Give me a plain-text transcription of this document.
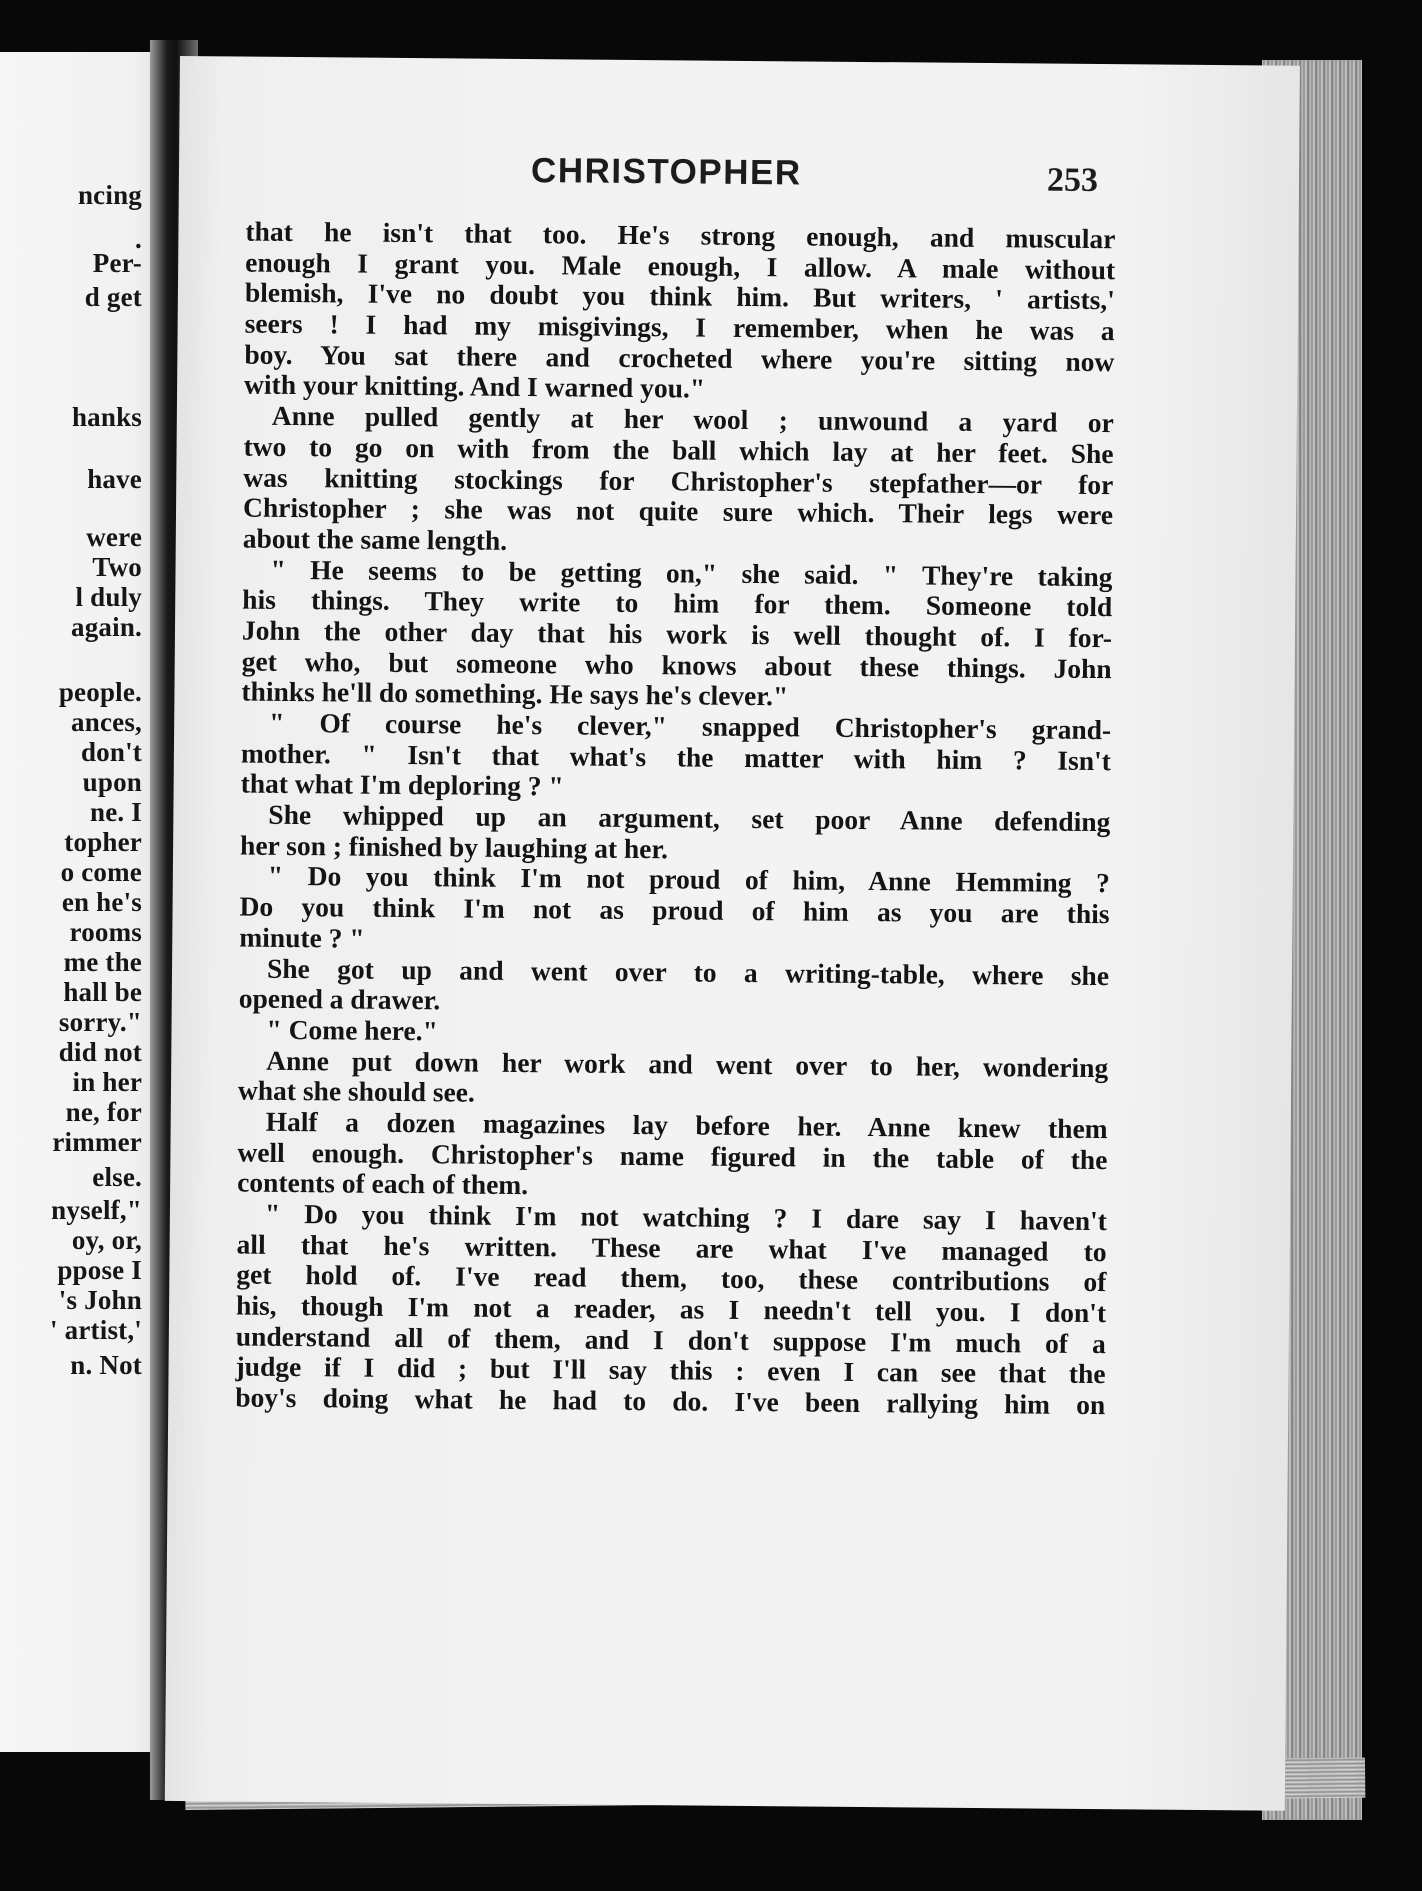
ncing
.
Per-
d get
hanks
have
were
Two
l duly
again.
people.
ances,
don't
upon
ne. I
topher
o come
en he's
rooms
me the
hall be
sorry."
did not
in her
ne, for
rimmer
else.
nyself,"
oy, or,
ppose I
's John
' artist,'
n. Not
CHRISTOPHER	253
that he isn't that too. He's strong enough, and muscular
enough I grant you. Male enough, I allow. A male without
blemish, I've no doubt you think him. But writers, ' artists,'
seers ! I had my misgivings, I remember, when he was a
boy. You sat there and crocheted where you're sitting now
with your knitting. And I warned you."
Anne pulled gently at her wool ; unwound a yard or
two to go on with from the ball which lay at her feet. She
was knitting stockings for Christopher's stepfather—or for
Christopher ; she was not quite sure which. Their legs were
about the same length.
" He seems to be getting on," she said. " They're taking
his things. They write to him for them. Someone told
John the other day that his work is well thought of. I for-
get who, but someone who knows about these things. John
thinks he'll do something. He says he's clever."
" Of course he's clever," snapped Christopher's grand-
mother. " Isn't that what's the matter with him ? Isn't
that what I'm deploring ? "
She whipped up an argument, set poor Anne defending
her son ; finished by laughing at her.
" Do you think I'm not proud of him, Anne Hemming ?
Do you think I'm not as proud of him as you are this
minute ? "
She got up and went over to a writing-table, where she
opened a drawer.
" Come here."
Anne put down her work and went over to her, wondering
what she should see.
Half a dozen magazines lay before her. Anne knew them
well enough. Christopher's name figured in the table of the
contents of each of them.
" Do you think I'm not watching ? I dare say I haven't
all that he's written. These are what I've managed to
get hold of. I've read them, too, these contributions of
his, though I'm not a reader, as I needn't tell you. I don't
understand all of them, and I don't suppose I'm much of a
judge if I did ; but I'll say this : even I can see that the
boy's doing what he had to do. I've been rallying him on
